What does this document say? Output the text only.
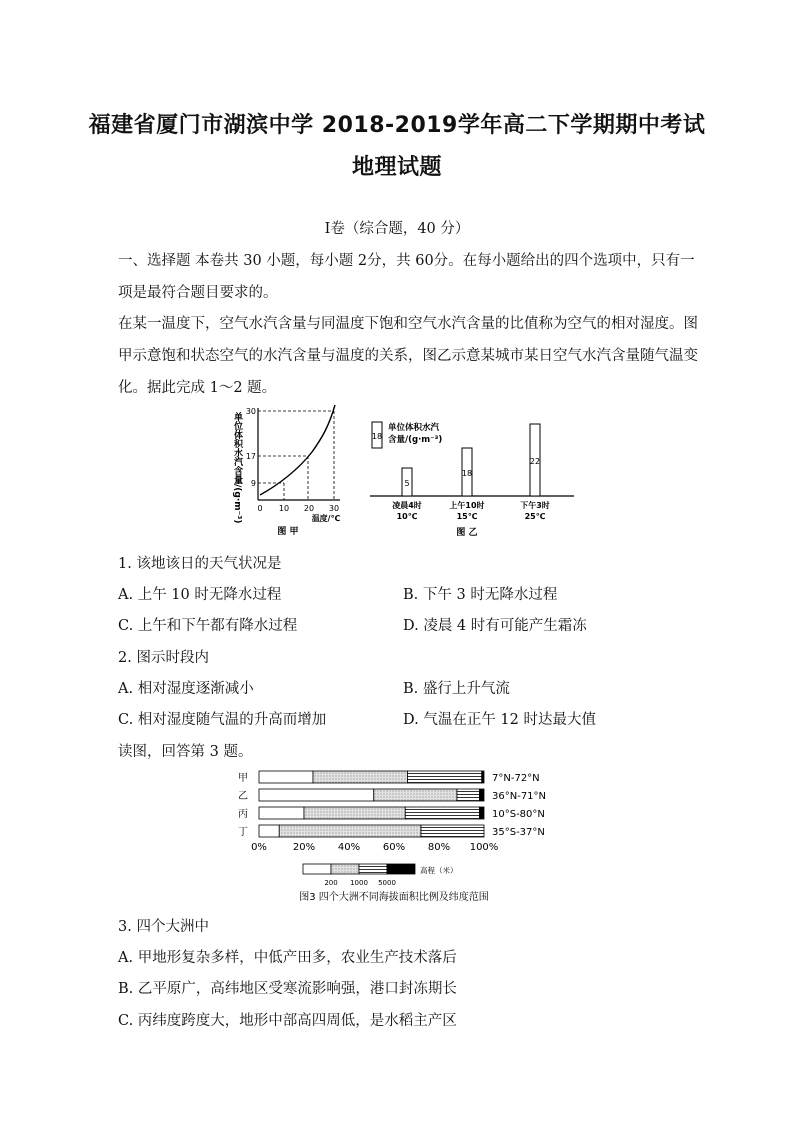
福建省厦门市湖滨中学 2018-2019学年高二下学期期中考试
地理试题
Ⅰ卷（综合题，40 分）
一、选择题 本卷共 30 小题，每小题 2分，共 60分。在每小题给出的四个选项中，只有一
项是最符合题目要求的。
在某一温度下，空气水汽含量与同温度下饱和空气水汽含量的比值称为空气的相对湿度。图
甲示意饱和状态空气的水汽含量与温度的关系，图乙示意某城市某日空气水汽含量随气温变
化。据此完成 1～2 题。
单位体积水汽含量/(g·m⁻³)
30
17
9
0 10 20 30
温度/℃
图 甲
18
单位体积水汽
含量/(g·m⁻³)
5
18
22
凌晨4时
10℃
上午10时
15℃
下午3时
25℃
图 乙
1. 该地该日的天气状况是
A. 上午 10 时无降水过程	B. 下午 3 时无降水过程
C. 上午和下午都有降水过程	D. 凌晨 4 时有可能产生霜冻
2. 图示时段内
A. 相对湿度逐渐减小	B. 盛行上升气流
C. 相对湿度随气温的升高而增加	D. 气温在正午 12 时达最大值
读图，回答第 3 题。
甲	7°N-72°N
乙	36°N-71°N
丙	10°S-80°N
丁	35°S-37°N
0%	20% 40% 60% 80% 100%
200 1000 5000
高程（米）
图3 四个大洲不同海拔面积比例及纬度范围
3. 四个大洲中
A. 甲地形复杂多样，中低产田多，农业生产技术落后
B. 乙平原广，高纬地区受寒流影响强，港口封冻期长
C. 丙纬度跨度大，地形中部高四周低，是水稻主产区
